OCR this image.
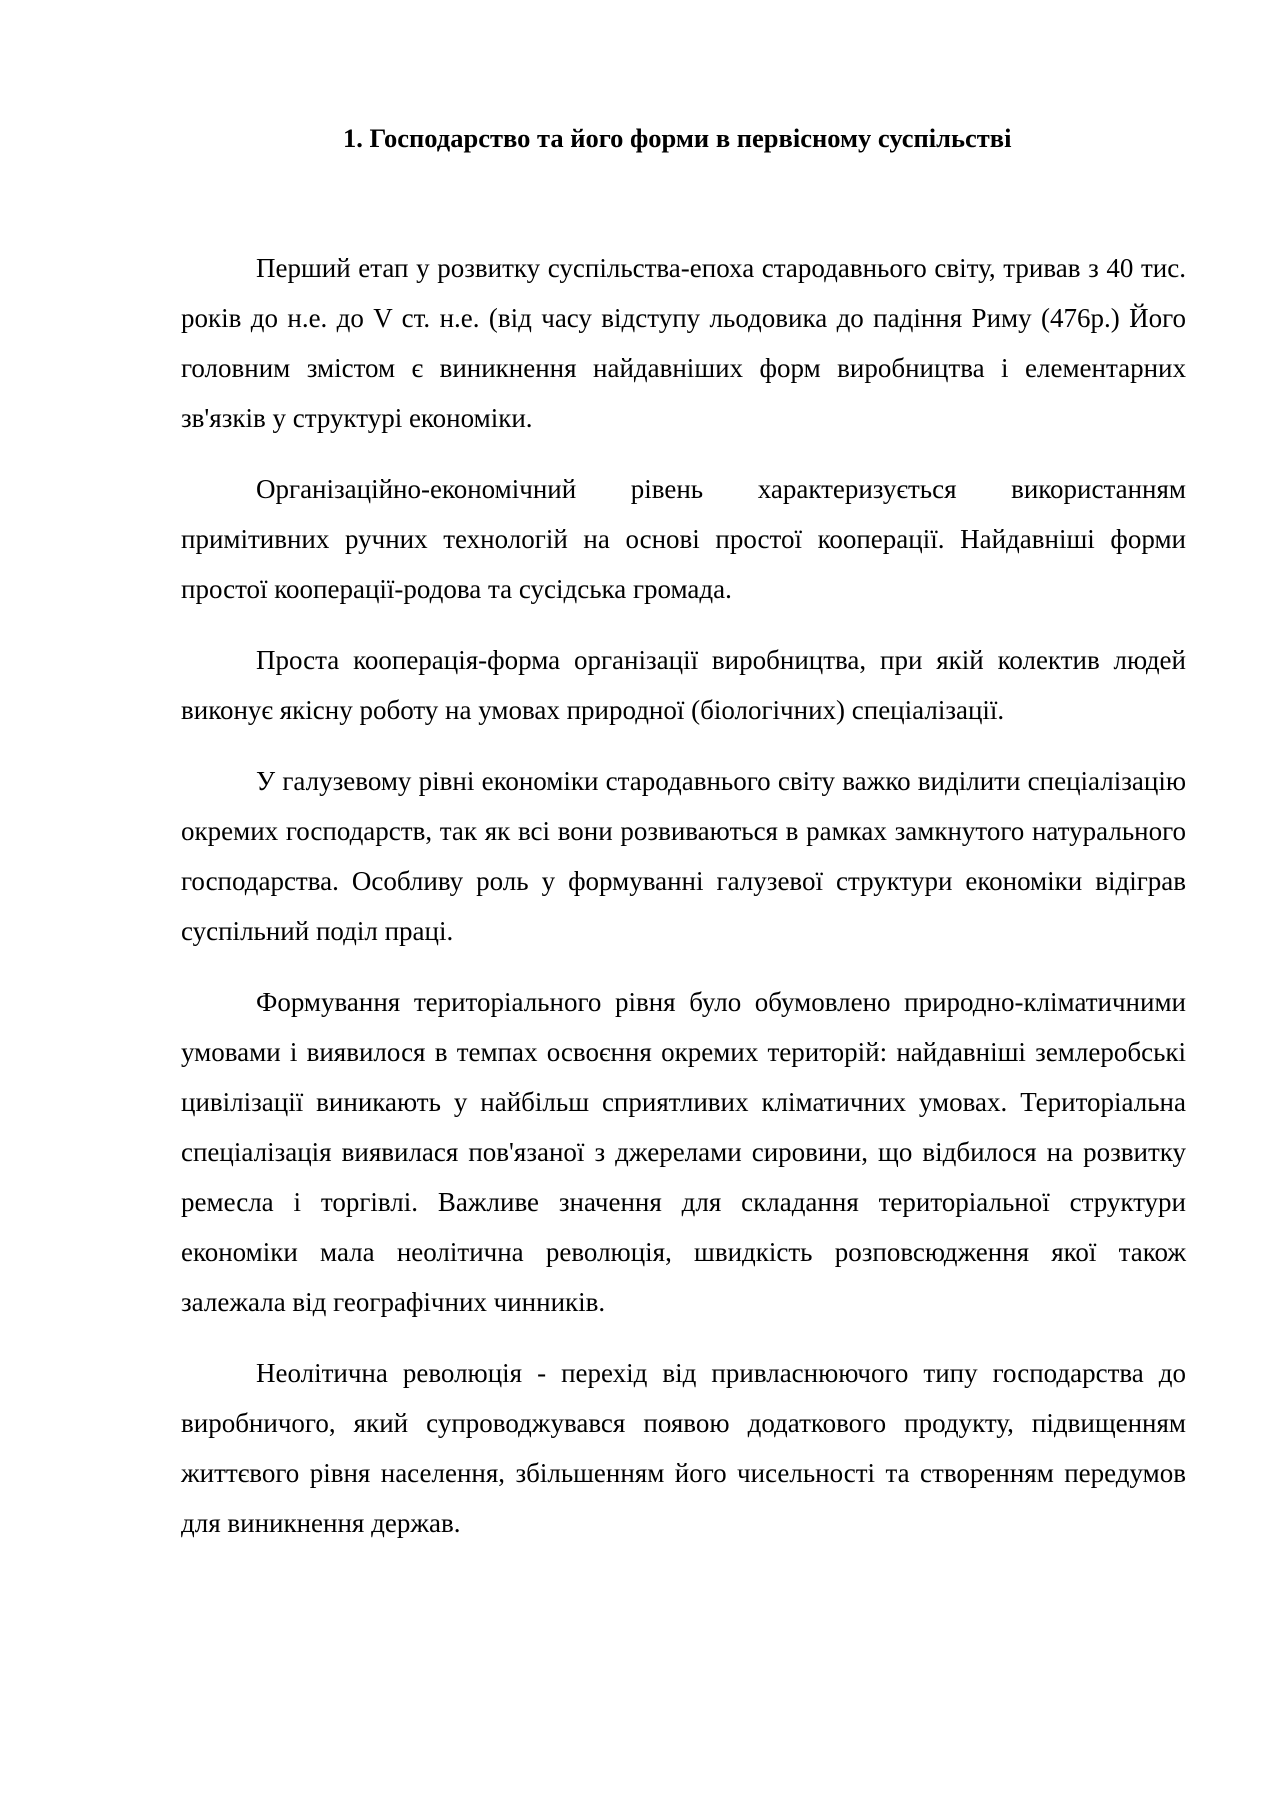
1. Господарство та його форми в первісному суспільстві

Перший етап у розвитку суспільства-епоха стародавнього світу, тривав з 40 тис. років до н.е. до V ст. н.е. (від часу відступу льодовика до падіння Риму (476р.) Його головним змістом є виникнення найдавніших форм виробництва і елементарних зв'язків у структурі економіки.

Організаційно-економічний рівень характеризується використанням примітивних ручних технологій на основі простої кооперації. Найдавніші форми простої кооперації-родова та сусідська громада.

Проста кооперація-форма організації виробництва, при якій колектив людей виконує якісну роботу на умовах природної (біологічних) спеціалізації.

У галузевому рівні економіки стародавнього світу важко виділити спеціалізацію окремих господарств, так як всі вони розвиваються в рамках замкнутого натурального господарства. Особливу роль у формуванні галузевої структури економіки відіграв суспільний поділ праці.

Формування територіального рівня було обумовлено природно-кліматичними умовами і виявилося в темпах освоєння окремих територій: найдавніші землеробські цивілізації виникають у найбільш сприятливих кліматичних умовах. Територіальна спеціалізація виявилася пов'язаної з джерелами сировини, що відбилося на розвитку ремесла і торгівлі. Важливе значення для складання територіальної структури економіки мала неолітична революція, швидкість розповсюдження якої також залежала від географічних чинників.

Неолітична революція - перехід від привласнюючого типу господарства до виробничого, який супроводжувався появою додаткового продукту, підвищенням життєвого рівня населення, збільшенням його чисельності та створенням передумов для виникнення держав.
